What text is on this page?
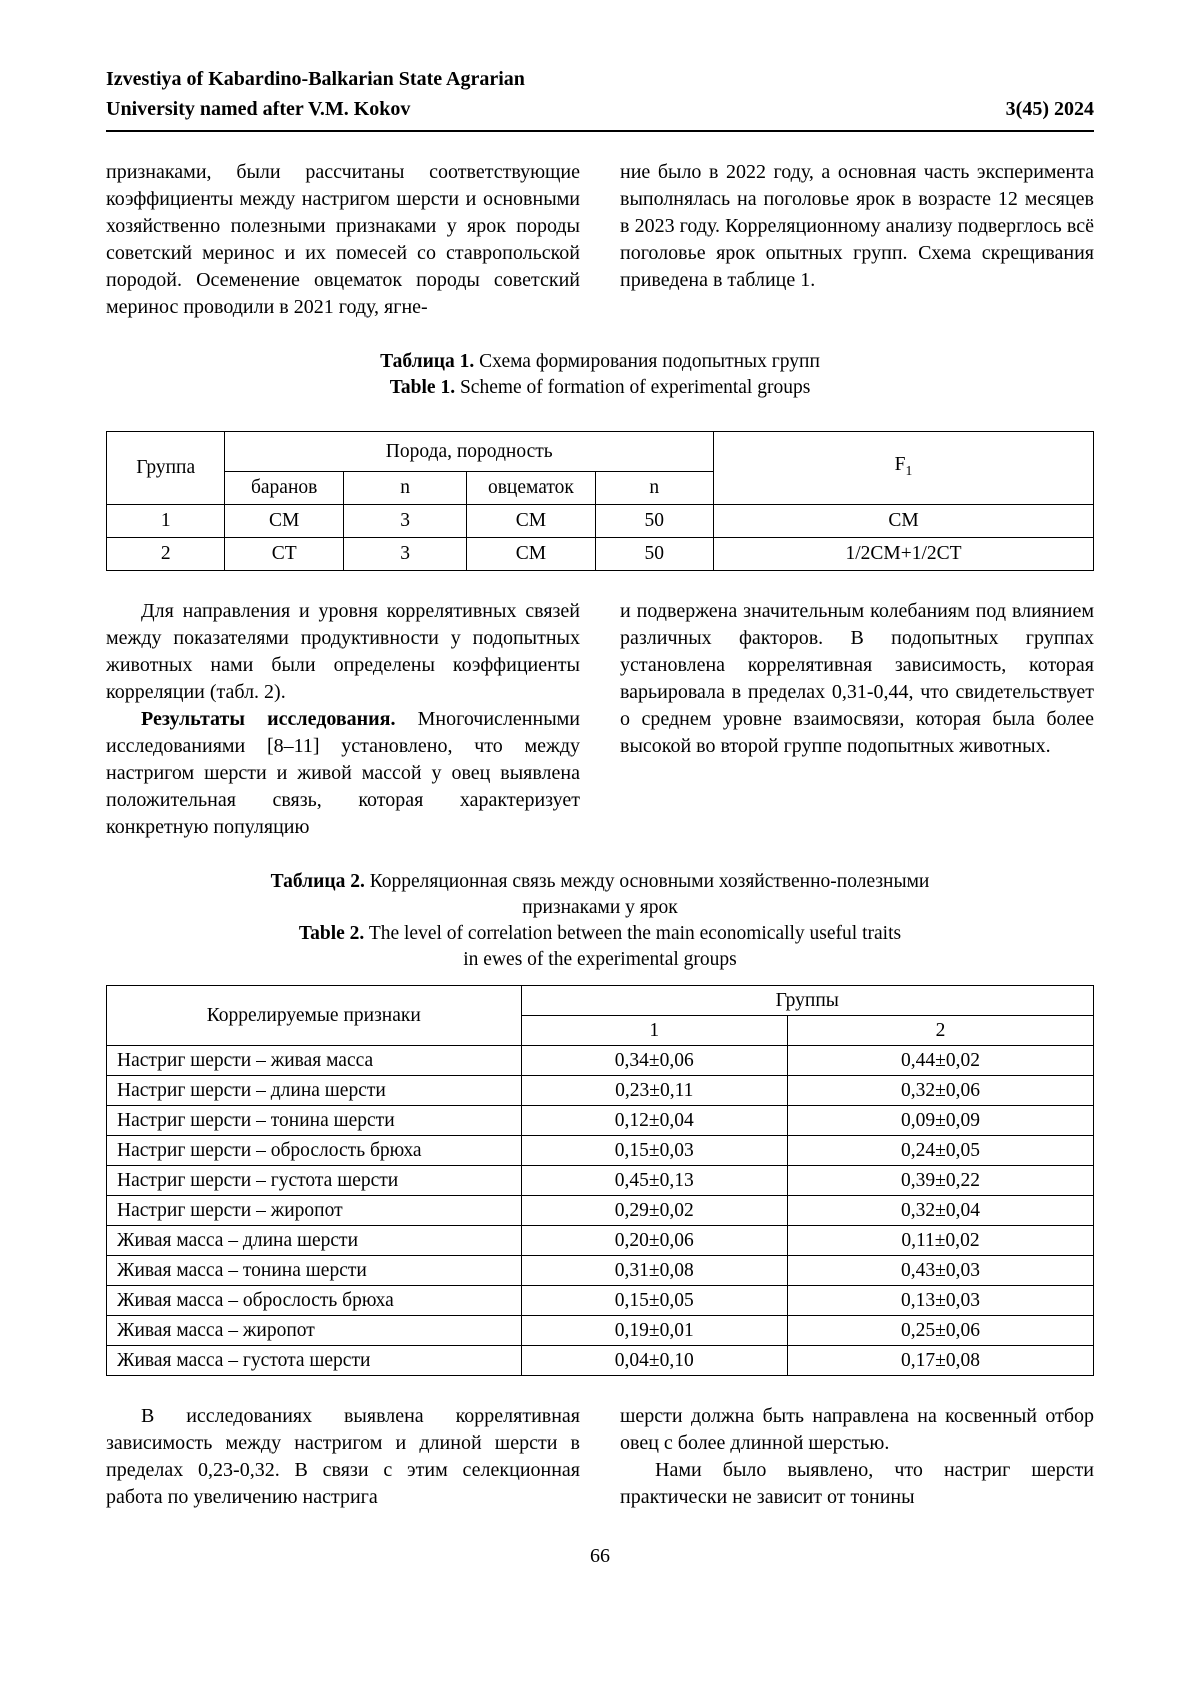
Izvestiya of Kabardino-Balkarian State Agrarian
University named after V.M. Kokov	3(45) 2024

признаками, были рассчитаны соответствующие коэффициенты между настригом шерсти и основными хозяйственно полезными признаками у ярок породы советский меринос и их помесей со ставропольской породой. Осеменение овцематок породы советский меринос проводили в 2021 году, ягне-

ние было в 2022 году, а основная часть эксперимента выполнялась на поголовье ярок в возрасте 12 месяцев в 2023 году. Корреляционному анализу подверглось всё поголовье ярок опытных групп. Схема скрещивания приведена в таблице 1.

Таблица 1. Схема формирования подопытных групп
Table 1. Scheme of formation of experimental groups
Группа	Порода, породность				$F_1$
	баранов	n	овцематок	n	
1	СМ	3	СМ	50	СМ
2	СТ	3	СМ	50	1/2СМ+1/2СТ

Для направления и уровня коррелятивных связей между показателями продуктивности у подопытных животных нами были определены коэффициенты корреляции (табл. 2).

Результаты исследования. Многочисленными исследованиями [8–11] установлено, что между настригом шерсти и живой массой у овец выявлена положительная связь, которая характеризует конкретную популяцию

и подвержена значительным колебаниям под влиянием различных факторов. В подопытных группах установлена коррелятивная зависимость, которая варьировала в пределах 0,31-0,44, что свидетельствует о среднем уровне взаимосвязи, которая была более высокой во второй группе подопытных животных.

Таблица 2. Корреляционная связь между основными хозяйственно-полезными
признаками у ярок
Table 2. The level of correlation between the main economically useful traits
in ewes of the experimental groups
Коррелируемые признаки	Группы	
	1	2
Настриг шерсти – живая масса	0,34±0,06	0,44±0,02
Настриг шерсти – длина шерсти	0,23±0,11	0,32±0,06
Настриг шерсти – тонина шерсти	0,12±0,04	0,09±0,09
Настриг шерсти – оброслость брюха	0,15±0,03	0,24±0,05
Настриг шерсти – густота шерсти	0,45±0,13	0,39±0,22
Настриг шерсти – жиропот	0,29±0,02	0,32±0,04
Живая масса – длина шерсти	0,20±0,06	0,11±0,02
Живая масса – тонина шерсти	0,31±0,08	0,43±0,03
Живая масса – оброслость брюха	0,15±0,05	0,13±0,03
Живая масса – жиропот	0,19±0,01	0,25±0,06
Живая масса – густота шерсти	0,04±0,10	0,17±0,08

В исследованиях выявлена коррелятивная зависимость между настригом и длиной шерсти в пределах 0,23-0,32. В связи с этим селекционная работа по увеличению настрига

шерсти должна быть направлена на косвенный отбор овец с более длинной шерстью.

Нами было выявлено, что настриг шерсти практически не зависит от тонины

66
